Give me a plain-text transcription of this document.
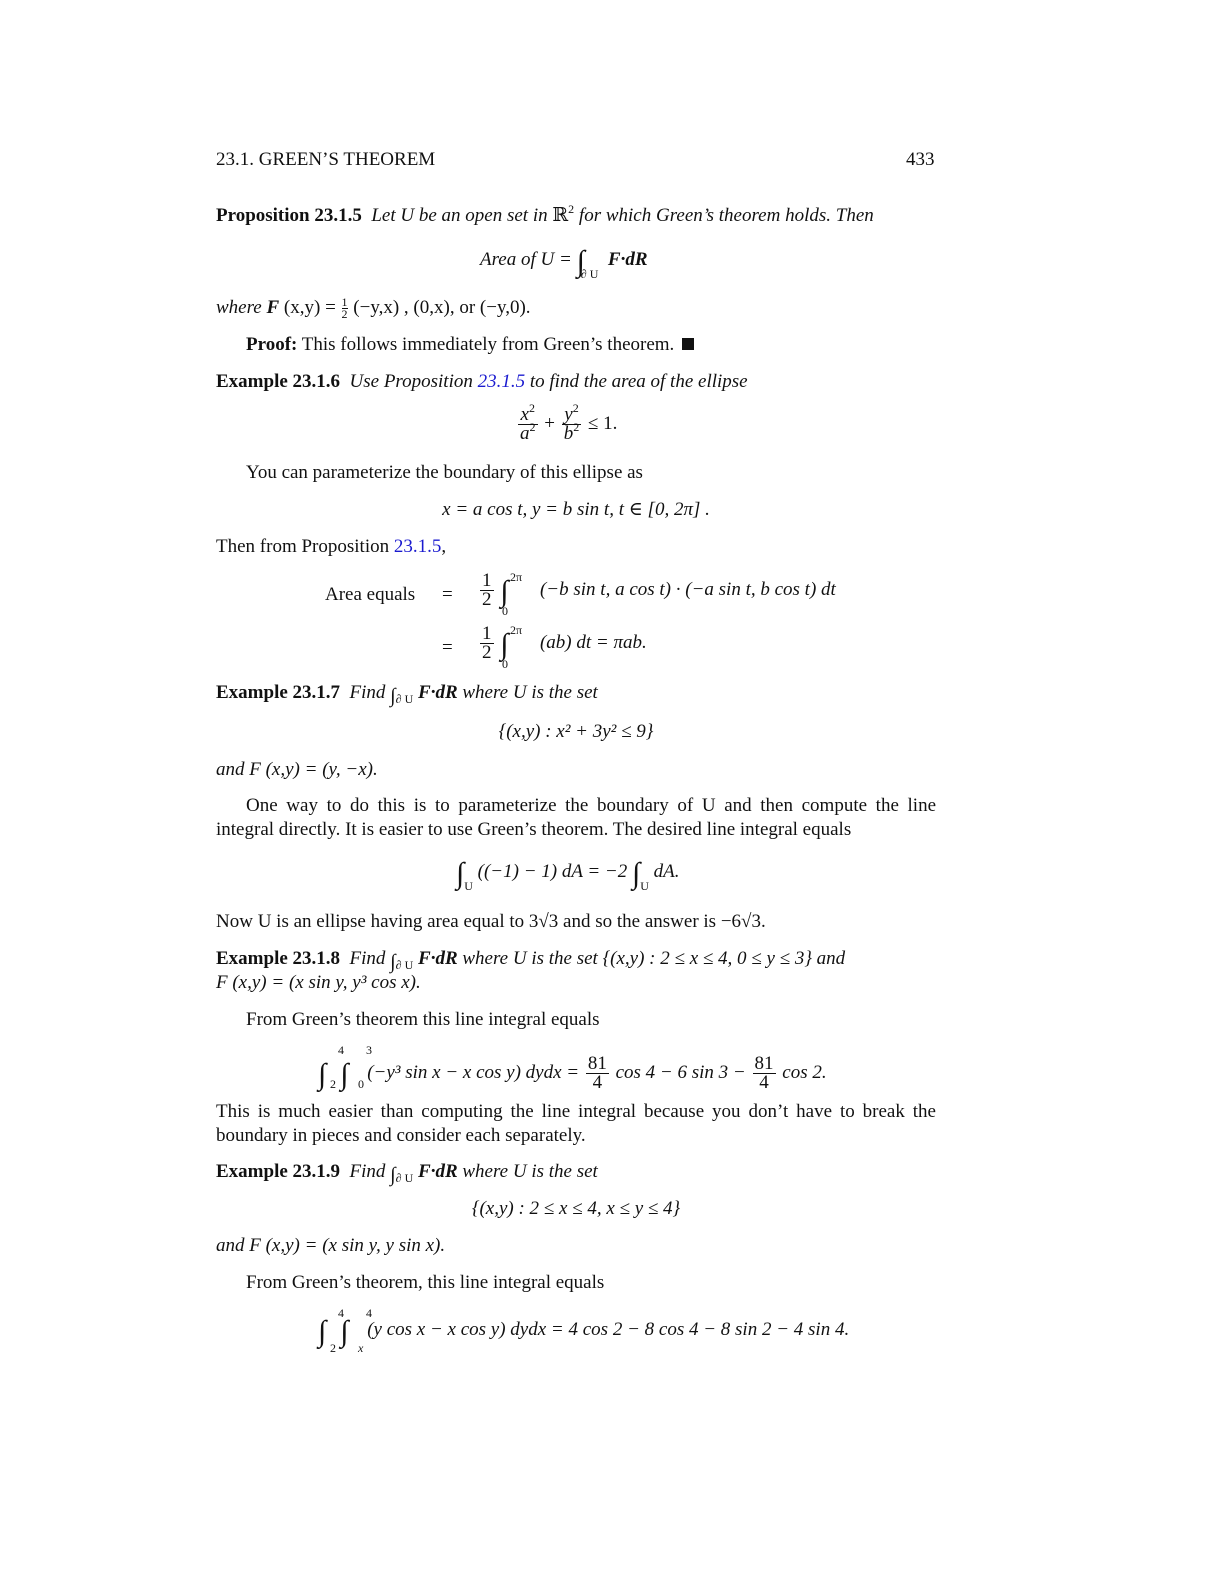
23.1. GREEN’S THEOREM	433
Proposition 23.1.5 Let U be an open set in ℝ$^2$ for which Green’s theorem holds. Then
Area of $U = \int_{\partial U}$  F·dR
where F $(x,y) = \frac{1}{2} (-y,x)$ , (0,x), or (−y,0).
Proof: This follows immediately from Green’s theorem.
Example 23.1.6 Use Proposition 23.1.5 to find the area of the ellipse
$\frac{x^2}{a^2} + \frac{y^2}{b^2} \le 1$.
You can parameterize the boundary of this ellipse as
x = a cos t, y = b sin t, t ∈ [0, 2π] .
Then from Proposition 23.1.5,
Area equals = $\frac{1}{2}$ ∫ (−b sin t, a cos t) · (−a sin t, b cos t) dt
2π
0
= $\frac{1}{2}$ ∫ (ab) dt = πab.
2π
0
Example 23.1.7 Find $\int_{\partial U}$ F·dR where U is the set
{(x,y) : x² + 3y² ≤ 9}
and F (x,y) = (y, −x).
One way to do this is to parameterize the boundary of U and then compute the line
integral directly. It is easier to use Green’s theorem. The desired line integral equals
$\int_U$ ((−1) − 1) dA = −2 $\int_U$ dA.
Now U is an ellipse having area equal to 3√3 and so the answer is −6√3.
Example 23.1.8 Find $\int_{\partial U}$ F·dR where U is the set {(x,y) : 2 ≤ x ≤ 4, 0 ≤ y ≤ 3} and
F (x,y) = (x sin y, y³ cos x).
From Green’s theorem this line integral equals
∫ ∫ (−y³ sin x − x cos y) dydx = $\frac{81}{4}$ cos 4 − 6 $\sin 3 - \frac{81}{4}$ cos 2.
4
2
3
0
This is much easier than computing the line integral because you don’t have to break the
boundary in pieces and consider each separately.
Example 23.1.9 Find $\int_{\partial U}$ F·dR where U is the set
{(x,y) : 2 ≤ x ≤ 4, x ≤ y ≤ 4}
and F (x,y) = (x sin y, y sin x).
From Green’s theorem, this line integral equals
∫ ∫ (y cos x − x cos y) dydx = 4 cos 2 − 8 cos 4 − 8 sin 2 − 4 sin 4.
4
2
4
x
